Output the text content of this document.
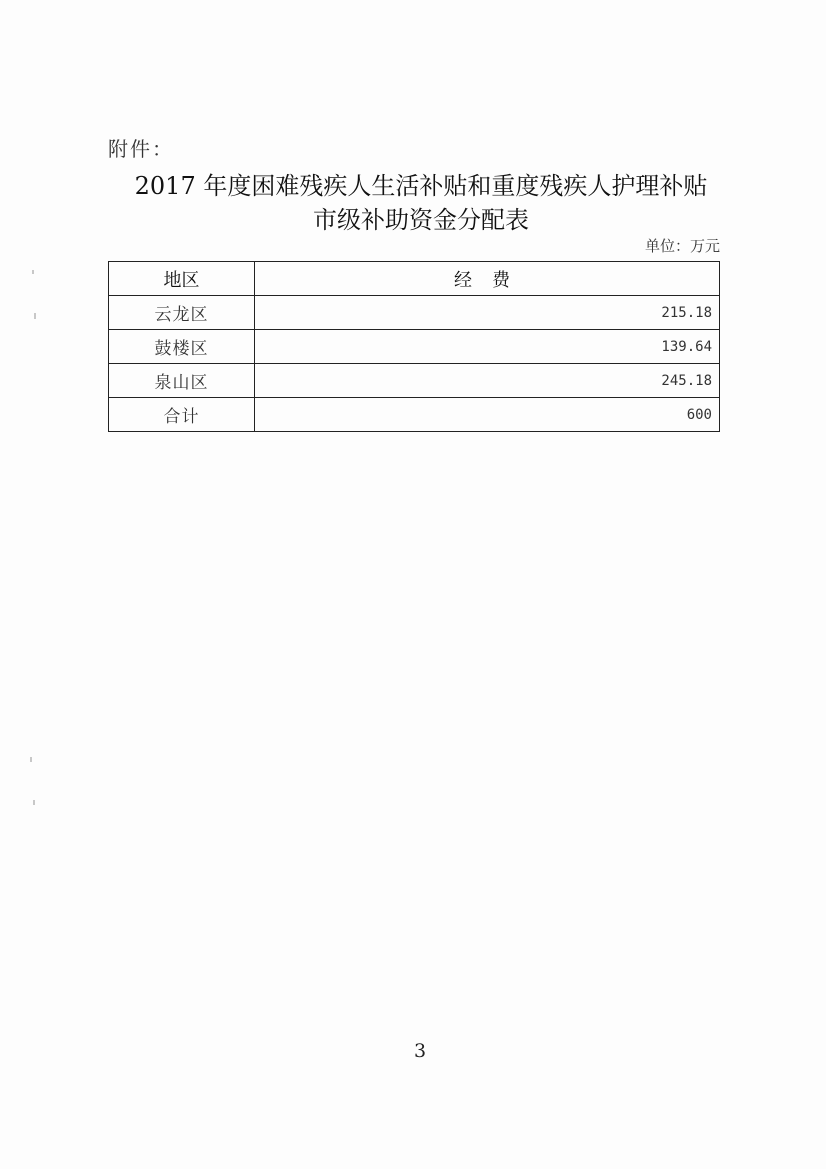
附件：
2017 年度困难残疾人生活补贴和重度残疾人护理补贴
市级补助资金分配表
单位：万元
地区	经费
云龙区	215.18
鼓楼区	139.64
泉山区	245.18
合计	600
3
